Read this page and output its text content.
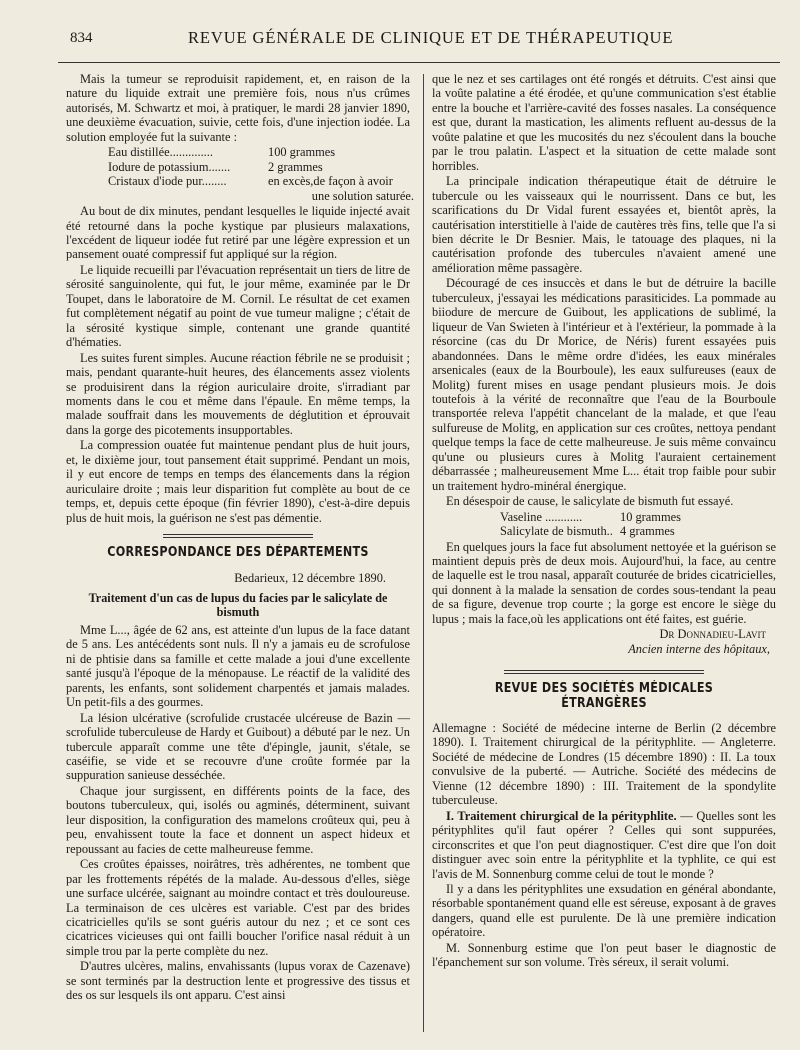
834	REVUE GÉNÉRALE DE CLINIQUE ET DE THÉRAPEUTIQUE

Mais la tumeur se reproduisit rapidement, et, en raison de la nature du liquide extrait une première fois, nous n'us crûmes autorisés, M. Schwartz et moi, à pratiquer, le mardi 28 janvier 1890, une deuxième évacuation, suivie, cette fois, d'une injection iodée. La solution employée fut la suivante :

Eau distillée..............	100 grammes
Iodure de potassium.......	2 grammes
Cristaux d'iode pur........	en excès,de façon à avoir
une solution saturée.

Au bout de dix minutes, pendant lesquelles le liquide injecté avait été retourné dans la poche kystique par plusieurs malaxations, l'excédent de liqueur iodée fut retiré par une légère expression et un pansement ouaté compressif fut appliqué sur la région.

Le liquide recueilli par l'évacuation représentait un tiers de litre de sérosité sanguinolente, qui fut, le jour même, examinée par le Dr Toupet, dans le laboratoire de M. Cornil. Le résultat de cet examen fut complètement négatif au point de vue tumeur maligne ; c'était de la sérosité kystique simple, contenant une grande quantité d'hématies.

Les suites furent simples. Aucune réaction fébrile ne se produisit ; mais, pendant quarante-huit heures, des élancements assez violents se produisirent dans la région auriculaire droite, s'irradiant par moments dans le cou et même dans l'épaule. En même temps, la malade souffrait dans les mouvements de déglutition et éprouvait dans la gorge des picotements insupportables.

La compression ouatée fut maintenue pendant plus de huit jours, et, le dixième jour, tout pansement était supprimé. Pendant un mois, il y eut encore de temps en temps des élancements dans la région auriculaire droite ; mais leur disparition fut complète au bout de ce temps, et, depuis cette époque (fin février 1890), c'est-à-dire depuis plus de huit mois, la guérison ne s'est pas démentie.

CORRESPONDANCE DES DÉPARTEMENTS
Bedarieux, 12 décembre 1890.
Traitement d'un cas de lupus du facies par le salicylate de bismuth

Mme L..., âgée de 62 ans, est atteinte d'un lupus de la face datant de 5 ans. Les antécédents sont nuls. Il n'y a jamais eu de scrofulose ni de phtisie dans sa famille et cette malade a joui d'une excellente santé jusqu'à l'époque de la ménopause. Le réactif de la validité des parents, les enfants, sont solidement charpentés et jamais malades. Un petit-fils a des gourmes.

La lésion ulcérative (scrofulide crustacée ulcéreuse de Bazin — scrofulide tuberculeuse de Hardy et Guibout) a débuté par le nez. Un tubercule apparaît comme une tête d'épingle, jaunit, s'étale, se caséifie, se vide et se recouvre d'une croûte formée par la suppuration sanieuse desséchée.

Chaque jour surgissent, en différents points de la face, des boutons tuberculeux, qui, isolés ou agminés, déterminent, suivant leur disposition, la configuration des mamelons croûteux qui, peu à peu, envahissent toute la face et donnent un aspect hideux et repoussant au facies de cette malheureuse femme.

Ces croûtes épaisses, noirâtres, très adhérentes, ne tombent que par les frottements répétés de la malade. Au-dessous d'elles, siège une surface ulcérée, saignant au moindre contact et très douloureuse. La terminaison de ces ulcères est variable. C'est par des brides cicatricielles qu'ils se sont guéris autour du nez ; et ce sont ces cicatrices vicieuses qui ont failli boucher l'orifice nasal réduit à un simple trou par la perte complète du nez.

D'autres ulcères, malins, envahissants (lupus vorax de Cazenave) se sont terminés par la destruction lente et progressive des tissus et des os sur lesquels ils ont apparu. C'est ainsi

que le nez et ses cartilages ont été rongés et détruits. C'est ainsi que la voûte palatine a été érodée, et qu'une communication s'est établie entre la bouche et l'arrière-cavité des fosses nasales. La conséquence est que, durant la mastication, les aliments refluent au-dessus de la voûte palatine et que les mucosités du nez s'écoulent dans la bouche par le trou palatin. L'aspect et la situation de cette malade sont horribles.

La principale indication thérapeutique était de détruire le tubercule ou les vaisseaux qui le nourrissent. Dans ce but, les scarifications du Dr Vidal furent essayées et, bientôt après, la cautérisation interstitielle à l'aide de cautères très fins, telle que l'a si bien décrite le Dr Besnier. Mais, le tatouage des plaques, ni la cautérisation profonde des tubercules n'avaient amené une amélioration même passagère.

Découragé de ces insuccès et dans le but de détruire la bacille tuberculeux, j'essayai les médications parasiticides. La pommade au biiodure de mercure de Guibout, les applications de sublimé, la liqueur de Van Swieten à l'intérieur et à l'extérieur, la pommade à la résorcine (cas du Dr Morice, de Néris) furent essayées puis abandonnées. Dans le même ordre d'idées, les eaux minérales arsenicales (eaux de la Bourboule), les eaux sulfureuses (eaux de Molitg) furent mises en usage pendant plusieurs mois. Je dois toutefois à la vérité de reconnaître que l'eau de la Bourboule transportée releva l'appétit chancelant de la malade, et que l'eau sulfureuse de Molitg, en application sur ces croûtes, nettoya pendant quelque temps la face de cette malheureuse. Je suis même convaincu qu'une ou plusieurs cures à Molitg l'auraient certainement débarrassée ; malheureusement Mme L... était trop faible pour subir un traitement hydro-minéral énergique.

En désespoir de cause, le salicylate de bismuth fut essayé.

Vaseline ............	10 grammes
Salicylate de bismuth.. 4 grammes

En quelques jours la face fut absolument nettoyée et la guérison se maintient depuis près de deux mois. Aujourd'hui, la face, au centre de laquelle est le trou nasal, apparaît couturée de brides cicatricielles, qui donnent à la malade la sensation de cordes sous-tendant la peau de sa figure, devenue trop courte ; la gorge est encore le siège du lupus ; mais la face,où les applications ont été faites, est guérie.

Dr Donnadieu-Lavit
Ancien interne des hôpitaux,
REVUE DES SOCIÉTÉS MÉDICALES ÉTRANGÈRES

Allemagne : Société de médecine interne de Berlin (2 décembre 1890). I. Traitement chirurgical de la pérityphlite. — Angleterre. Société de médecine de Londres (15 décembre 1890) : II. La toux convulsive de la puberté. — Autriche. Société des médecins de Vienne (12 décembre 1890) : III. Traitement de la spondylite tuberculeuse.

I. Traitement chirurgical de la pérityphlite. — Quelles sont les pérityphlites qu'il faut opérer ? Celles qui sont suppurées, circonscrites et que l'on peut diagnostiquer. C'est dire que l'on doit distinguer avec soin entre la pérityphlite et la typhlite, ce qui est l'avis de M. Sonnenburg comme celui de tout le monde ?

Il y a dans les pérityphlites une exsudation en général abondante, résorbable spontanément quand elle est séreuse, exposant à de graves dangers, quand elle est purulente. De là une première indication opératoire.

M. Sonnenburg estime que l'on peut baser le diagnostic de l'épanchement sur son volume. Très séreux, il serait volumi.
